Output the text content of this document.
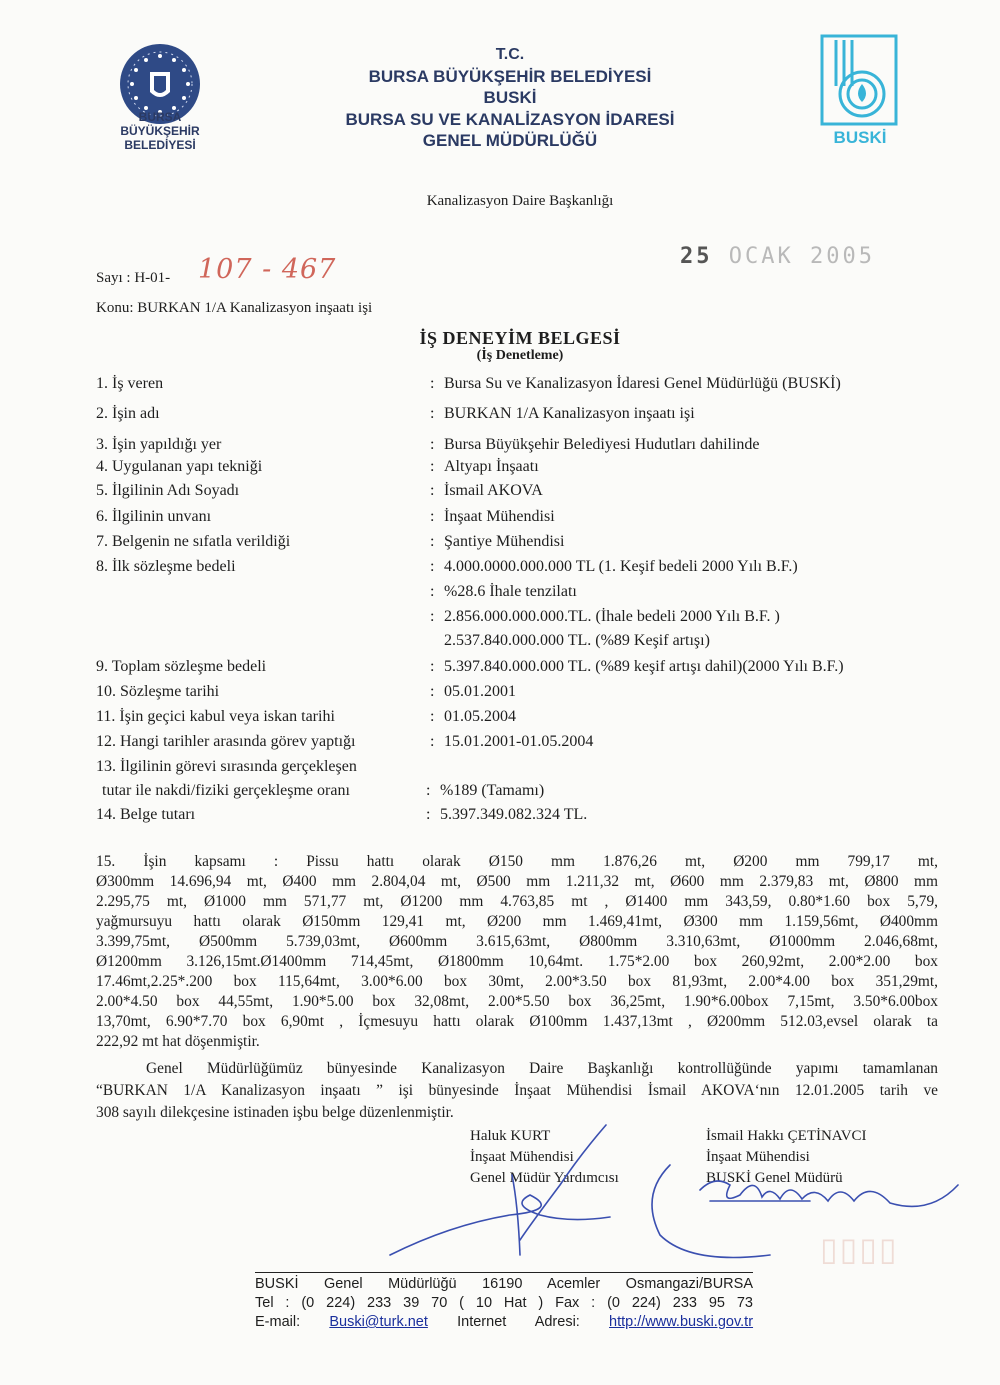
BURSA
BÜYÜKŞEHİR
BELEDİYESİ
T.C.
BURSA BÜYÜKŞEHİR BELEDİYESİ
BUSKİ
BURSA SU VE KANALİZASYON İDARESİ
GENEL MÜDÜRLÜĞÜ	BUSKİ
Kanalizasyon Daire Başkanlığı
Sayı : H-01- 107 - 467	25 OCAK 2005
Konu: BURKAN 1/A Kanalizasyon inşaatı işi
İŞ DENEYİM BELGESİ
(İş Denetleme)
1. İş veren	: Bursa Su ve Kanalizasyon İdaresi Genel Müdürlüğü (BUSKİ)
2. İşin adı	: BURKAN 1/A Kanalizasyon inşaatı işi
3. İşin yapıldığı yer	: Bursa Büyükşehir Belediyesi Hudutları dahilinde
4. Uygulanan yapı tekniği	: Altyapı İnşaatı
5. İlgilinin Adı Soyadı	: İsmail AKOVA
6. İlgilinin unvanı	: İnşaat Mühendisi
7. Belgenin ne sıfatla verildiği	: Şantiye Mühendisi
8. İlk sözleşme bedeli	: 4.000.0000.000.000 TL (1. Keşif bedeli 2000 Yılı B.F.)
: %28.6 İhale tenzilatı
: 2.856.000.000.000.TL. (İhale bedeli 2000 Yılı B.F. )
2.537.840.000.000 TL. (%89 Keşif artışı)
9. Toplam sözleşme bedeli	: 5.397.840.000.000 TL. (%89 keşif artışı dahil)(2000 Yılı B.F.)
10. Sözleşme tarihi	: 05.01.2001
11. İşin geçici kabul veya iskan tarihi	: 01.05.2004
12. Hangi tarihler arasında görev yaptığı	: 15.01.2001-01.05.2004
13. İlgilinin görevi sırasında gerçekleşen
tutar ile nakdi/fiziki gerçekleşme oranı	: %189 (Tamamı)
14. Belge tutarı	: 5.397.349.082.324 TL.
15. İşin kapsamı : Pissu hattı olarak Ø150 mm 1.876,26 mt, Ø200 mm 799,17 mt,
Ø300mm 14.696,94 mt, Ø400 mm 2.804,04 mt, Ø500 mm 1.211,32 mt, Ø600 mm 2.379,83 mt, Ø800 mm
2.295,75 mt, Ø1000 mm 571,77 mt, Ø1200 mm 4.763,85 mt , Ø1400 mm 343,59, 0.80*1.60 box 5,79,
yağmursuyu hattı olarak Ø150mm 129,41 mt, Ø200 mm 1.469,41mt, Ø300 mm 1.159,56mt, Ø400mm
3.399,75mt, Ø500mm 5.739,03mt, Ø600mm 3.615,63mt, Ø800mm 3.310,63mt, Ø1000mm 2.046,68mt,
Ø1200mm 3.126,15mt.Ø1400mm 714,45mt, Ø1800mm 10,64mt. 1.75*2.00 box 260,92mt, 2.00*2.00 box
17.46mt,2.25*.200 box 115,64mt, 3.00*6.00 box 30mt, 2.00*3.50 box 81,93mt, 2.00*4.00 box 351,29mt,
2.00*4.50 box 44,55mt, 1.90*5.00 box 32,08mt, 2.00*5.50 box 36,25mt, 1.90*6.00box 7,15mt, 3.50*6.00box
13,70mt, 6.90*7.70 box 6,90mt , İçmesuyu hattı olarak Ø100mm 1.437,13mt , Ø200mm 512.03,evsel olarak ta
222,92 mt hat döşenmiştir.
Genel Müdürlüğümüz bünyesinde Kanalizasyon Daire Başkanlığı kontrollüğünde yapımı tamamlanan
“BURKAN 1/A Kanalizasyon inşaatı ” işi bünyesinde İnşaat Mühendisi İsmail AKOVA‘nın 12.01.2005 tarih ve
308 sayılı dilekçesine istinaden işbu belge düzenlenmiştir.
Haluk KURT
İnşaat Mühendisi
Genel Müdür Yardımcısı
İsmail Hakkı ÇETİNAVCI
İnşaat Mühendisi
BUSKİ Genel Müdürü
▯▯▯▯
BUSKİ Genel Müdürlüğü 16190 Acemler Osmangazi/BURSA
Tel : (0 224) 233 39 70 ( 10 Hat ) Fax : (0 224) 233 95 73
E-mail: Buski@turk.net Internet Adresi: http://www.buski.gov.tr
